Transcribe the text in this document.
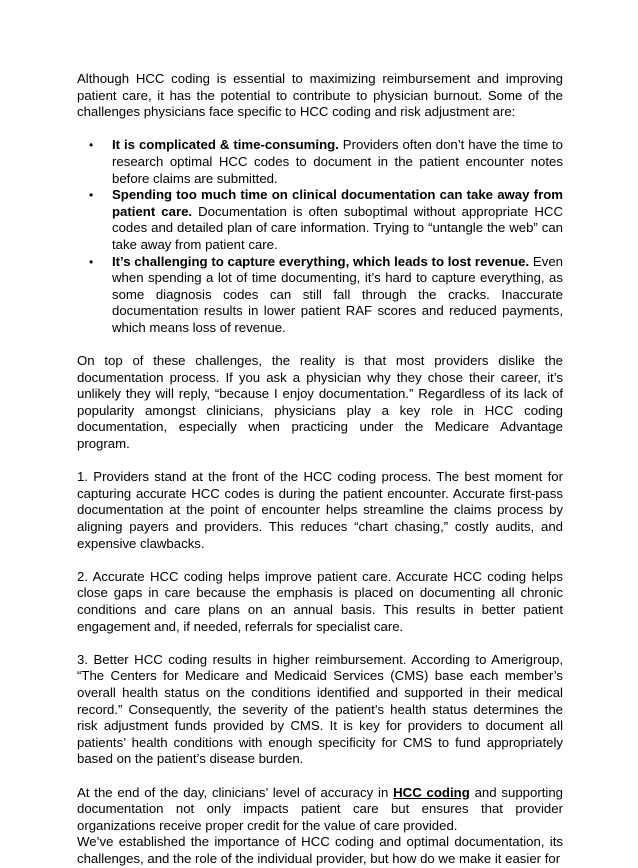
Although HCC coding is essential to maximizing reimbursement and improving patient care, it has the potential to contribute to physician burnout. Some of the challenges physicians face specific to HCC coding and risk adjustment are:

• It is complicated & time-consuming. Providers often don’t have the time to research optimal HCC codes to document in the patient encounter notes before claims are submitted.
• Spending too much time on clinical documentation can take away from patient care. Documentation is often suboptimal without appropriate HCC codes and detailed plan of care information. Trying to “untangle the web” can take away from patient care.
• It’s challenging to capture everything, which leads to lost revenue. Even when spending a lot of time documenting, it’s hard to capture everything, as some diagnosis codes can still fall through the cracks. Inaccurate documentation results in lower patient RAF scores and reduced payments, which means loss of revenue.

On top of these challenges, the reality is that most providers dislike the documentation process. If you ask a physician why they chose their career, it’s unlikely they will reply, “because I enjoy documentation.” Regardless of its lack of popularity amongst clinicians, physicians play a key role in HCC coding documentation, especially when practicing under the Medicare Advantage program.

1. Providers stand at the front of the HCC coding process. The best moment for capturing accurate HCC codes is during the patient encounter. Accurate first-pass documentation at the point of encounter helps streamline the claims process by aligning payers and providers. This reduces “chart chasing,” costly audits, and expensive clawbacks.

2. Accurate HCC coding helps improve patient care. Accurate HCC coding helps close gaps in care because the emphasis is placed on documenting all chronic conditions and care plans on an annual basis. This results in better patient engagement and, if needed, referrals for specialist care.

3. Better HCC coding results in higher reimbursement. According to Amerigroup, “The Centers for Medicare and Medicaid Services (CMS) base each member’s overall health status on the conditions identified and supported in their medical record.” Consequently, the severity of the patient’s health status determines the risk adjustment funds provided by CMS. It is key for providers to document all patients’ health conditions with enough specificity for CMS to fund appropriately based on the patient’s disease burden.

At the end of the day, clinicians’ level of accuracy in HCC coding and supporting documentation not only impacts patient care but ensures that provider organizations receive proper credit for the value of care provided.

We’ve established the importance of HCC coding and optimal documentation, its challenges, and the role of the individual provider, but how do we make it easier for
